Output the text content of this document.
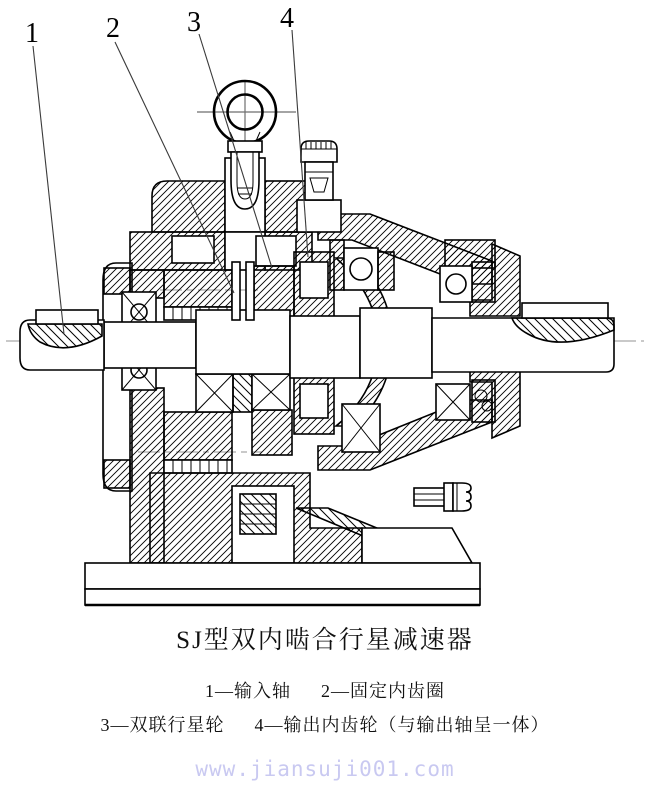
1 2 3	4
SJ型双内啮合行星减速器
1—输入轴 2—固定内齿圈
3—双联行星轮 4—输出内齿轮（与输出轴呈一体）
www.jiansuji001.com
